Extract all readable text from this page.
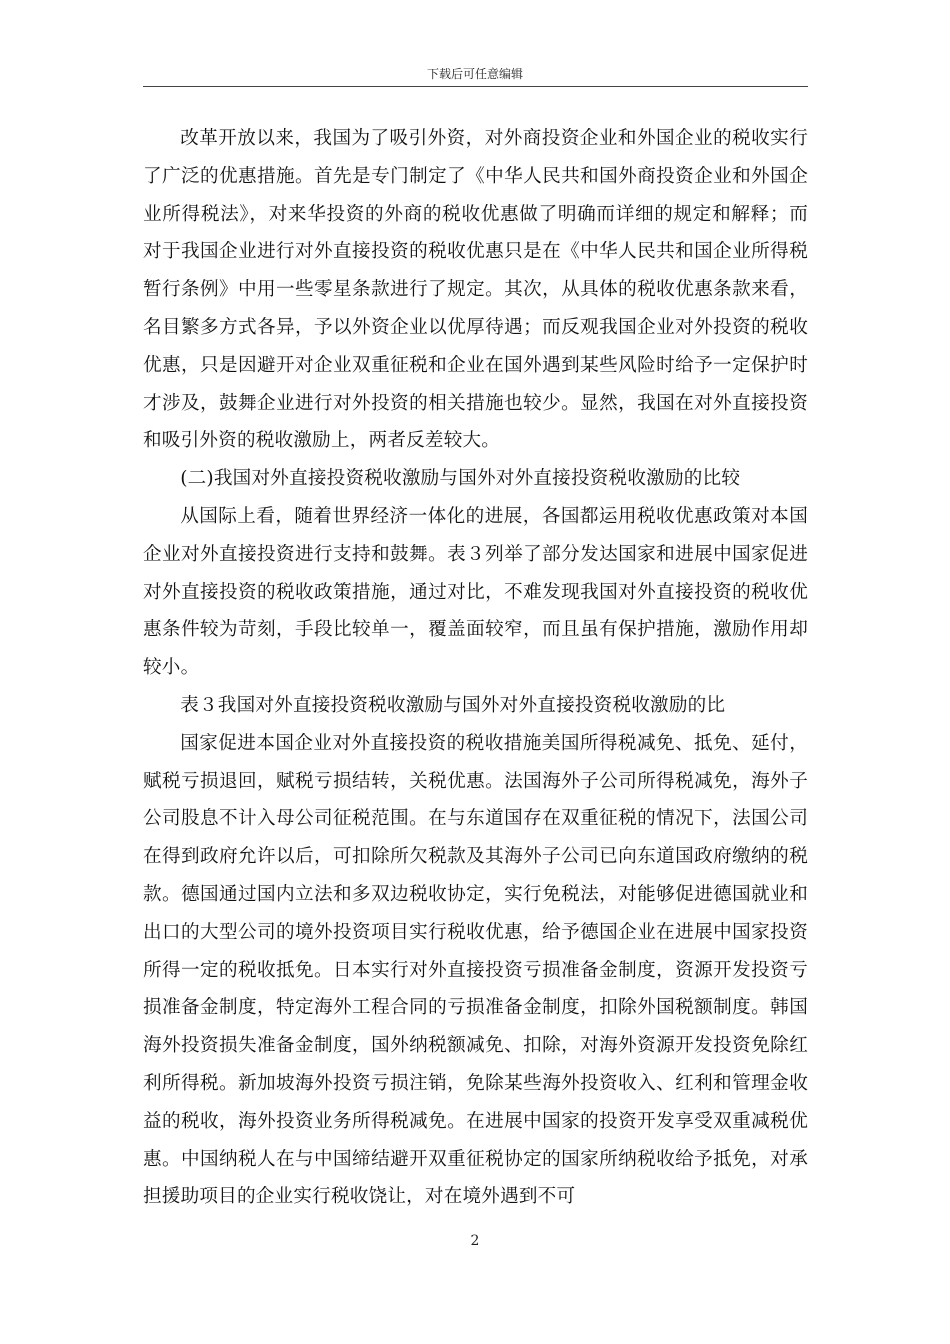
下载后可任意编辑

改革开放以来，我国为了吸引外资，对外商投资企业和外国企业的税收实行了广泛的优惠措施。首先是专门制定了《中华人民共和国外商投资企业和外国企业所得税法》，对来华投资的外商的税收优惠做了明确而详细的规定和解释；而对于我国企业进行对外直接投资的税收优惠只是在《中华人民共和国企业所得税暂行条例》中用一些零星条款进行了规定。其次，从具体的税收优惠条款来看，名目繁多方式各异，予以外资企业以优厚待遇；而反观我国企业对外投资的税收优惠，只是因避开对企业双重征税和企业在国外遇到某些风险时给予一定保护时才涉及，鼓舞企业进行对外投资的相关措施也较少。显然，我国在对外直接投资和吸引外资的税收激励上，两者反差较大。

(二)我国对外直接投资税收激励与国外对外直接投资税收激励的比较

从国际上看，随着世界经济一体化的进展，各国都运用税收优惠政策对本国企业对外直接投资进行支持和鼓舞。表３列举了部分发达国家和进展中国家促进对外直接投资的税收政策措施，通过对比，不难发现我国对外直接投资的税收优惠条件较为苛刻，手段比较单一，覆盖面较窄，而且虽有保护措施，激励作用却较小。

表３我国对外直接投资税收激励与国外对外直接投资税收激励的比

国家促进本国企业对外直接投资的税收措施美国所得税减免、抵免、延付，赋税亏损退回，赋税亏损结转，关税优惠。法国海外子公司所得税减免，海外子公司股息不计入母公司征税范围。在与东道国存在双重征税的情况下，法国公司在得到政府允许以后，可扣除所欠税款及其海外子公司已向东道国政府缴纳的税款。德国通过国内立法和多双边税收协定，实行免税法，对能够促进德国就业和出口的大型公司的境外投资项目实行税收优惠，给予德国企业在进展中国家投资所得一定的税收抵免。日本实行对外直接投资亏损准备金制度，资源开发投资亏损准备金制度，特定海外工程合同的亏损准备金制度，扣除外国税额制度。韩国海外投资损失准备金制度，国外纳税额减免、扣除，对海外资源开发投资免除红利所得税。新加坡海外投资亏损注销，免除某些海外投资收入、红利和管理金收益的税收，海外投资业务所得税减免。在进展中国家的投资开发享受双重减税优惠。中国纳税人在与中国缔结避开双重征税协定的国家所纳税收给予抵免，对承担援助项目的企业实行税收饶让，对在境外遇到不可

2
